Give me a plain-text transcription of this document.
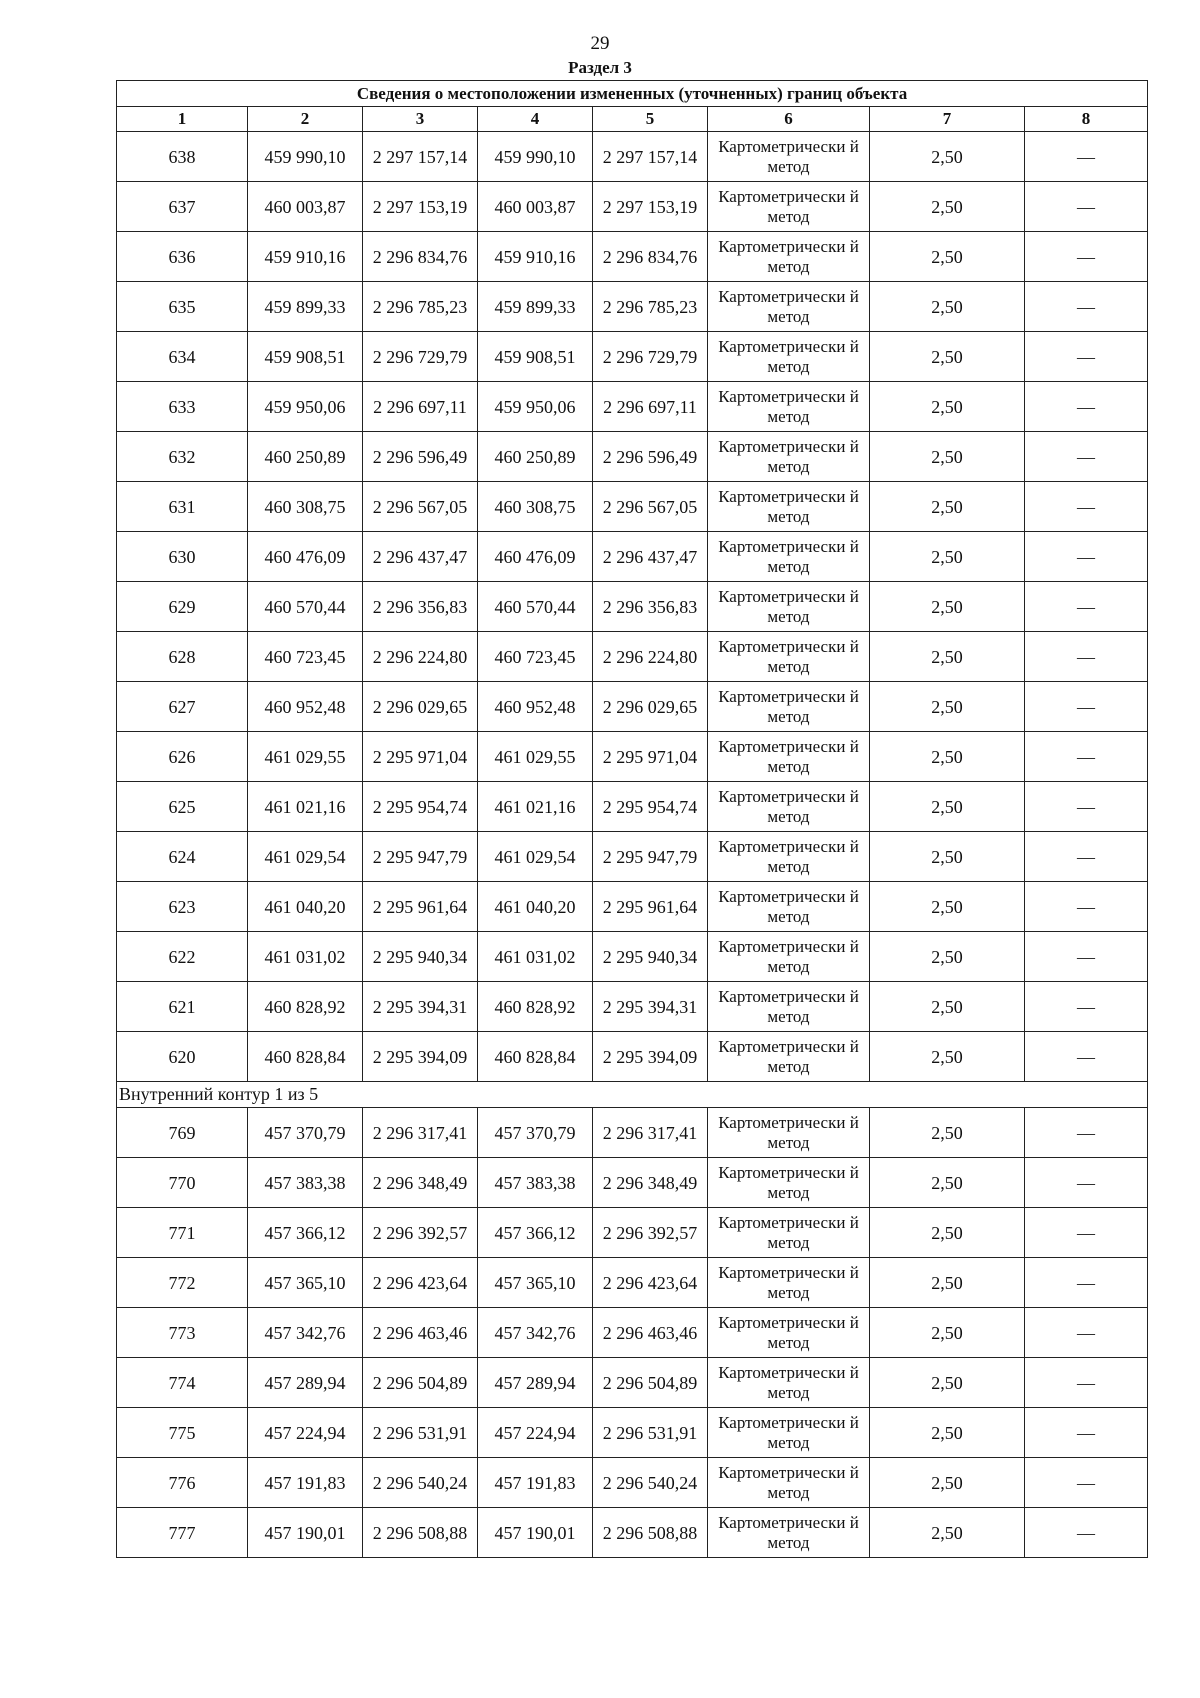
29
Раздел 3
Сведения о местоположении измененных (уточненных) границ объекта							
1	2	3	4	5	6	7	8
638	459 990,10	2 297 157,14	459 990,10	2 297 157,14	Картометрически й метод	2,50	—
637	460 003,87	2 297 153,19	460 003,87	2 297 153,19	Картометрически й метод	2,50	—
636	459 910,16	2 296 834,76	459 910,16	2 296 834,76	Картометрически й метод	2,50	—
635	459 899,33	2 296 785,23	459 899,33	2 296 785,23	Картометрически й метод	2,50	—
634	459 908,51	2 296 729,79	459 908,51	2 296 729,79	Картометрически й метод	2,50	—
633	459 950,06	2 296 697,11	459 950,06	2 296 697,11	Картометрически й метод	2,50	—
632	460 250,89	2 296 596,49	460 250,89	2 296 596,49	Картометрически й метод	2,50	—
631	460 308,75	2 296 567,05	460 308,75	2 296 567,05	Картометрически й метод	2,50	—
630	460 476,09	2 296 437,47	460 476,09	2 296 437,47	Картометрически й метод	2,50	—
629	460 570,44	2 296 356,83	460 570,44	2 296 356,83	Картометрически й метод	2,50	—
628	460 723,45	2 296 224,80	460 723,45	2 296 224,80	Картометрически й метод	2,50	—
627	460 952,48	2 296 029,65	460 952,48	2 296 029,65	Картометрически й метод	2,50	—
626	461 029,55	2 295 971,04	461 029,55	2 295 971,04	Картометрически й метод	2,50	—
625	461 021,16	2 295 954,74	461 021,16	2 295 954,74	Картометрически й метод	2,50	—
624	461 029,54	2 295 947,79	461 029,54	2 295 947,79	Картометрически й метод	2,50	—
623	461 040,20	2 295 961,64	461 040,20	2 295 961,64	Картометрически й метод	2,50	—
622	461 031,02	2 295 940,34	461 031,02	2 295 940,34	Картометрически й метод	2,50	—
621	460 828,92	2 295 394,31	460 828,92	2 295 394,31	Картометрически й метод	2,50	—
620	460 828,84	2 295 394,09	460 828,84	2 295 394,09	Картометрически й метод	2,50	—
Внутренний контур 1 из 5							
769	457 370,79	2 296 317,41	457 370,79	2 296 317,41	Картометрически й метод	2,50	—
770	457 383,38	2 296 348,49	457 383,38	2 296 348,49	Картометрически й метод	2,50	—
771	457 366,12	2 296 392,57	457 366,12	2 296 392,57	Картометрически й метод	2,50	—
772	457 365,10	2 296 423,64	457 365,10	2 296 423,64	Картометрически й метод	2,50	—
773	457 342,76	2 296 463,46	457 342,76	2 296 463,46	Картометрически й метод	2,50	—
774	457 289,94	2 296 504,89	457 289,94	2 296 504,89	Картометрически й метод	2,50	—
775	457 224,94	2 296 531,91	457 224,94	2 296 531,91	Картометрически й метод	2,50	—
776	457 191,83	2 296 540,24	457 191,83	2 296 540,24	Картометрически й метод	2,50	—
777	457 190,01	2 296 508,88	457 190,01	2 296 508,88	Картометрически й метод	2,50	—
